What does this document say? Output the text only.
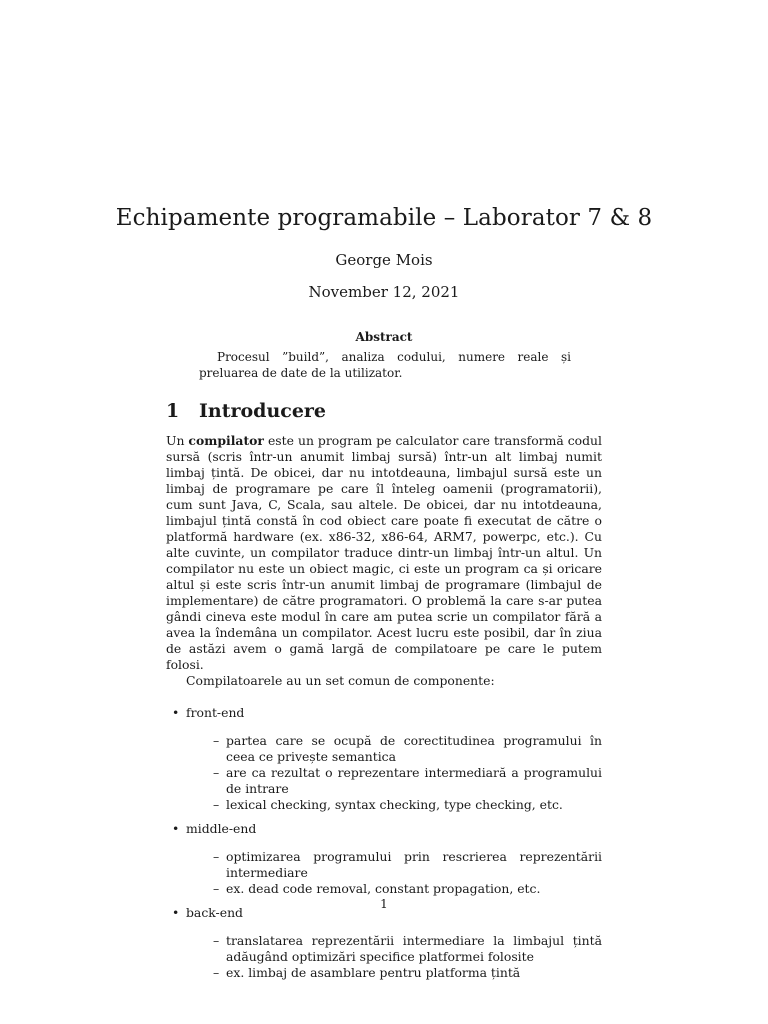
Echipamente programabile – Laborator 7 & 8
George Mois
November 12, 2021
Abstract
Procesul ”build”, analiza codului, numere reale și preluarea de date de la utilizator.
1 Introducere

Un compilator este un program pe calculator care transformă codul sursă (scris într-un anumit limbaj sursă) într-un alt limbaj numit limbaj țintă. De obicei, dar nu intotdeauna, limbajul sursă este un limbaj de programare pe care îl înteleg oamenii (programatorii), cum sunt Java, C, Scala, sau altele. De obicei, dar nu intotdeauna, limbajul țintă constă în cod obiect care poate fi executat de către o platformă hardware (ex. x86-32, x86-64, ARM7, powerpc, etc.). Cu alte cuvinte, un compilator traduce dintr-un limbaj într-un altul. Un compilator nu este un obiect magic, ci este un program ca și oricare altul și este scris într-un anumit limbaj de programare (limbajul de implementare) de către programatori. O problemă la care s-ar putea gândi cineva este modul în care am putea scrie un compilator fără a avea la îndemâna un compilator. Acest lucru este posibil, dar în ziua de astăzi avem o gamă largă de compilatoare pe care le putem folosi.

Compilatoarele au un set comun de componente:

• front-end
– partea care se ocupă de corectitudinea programului în ceea ce privește semantica
– are ca rezultat o reprezentare intermediară a programului de intrare
– lexical checking, syntax checking, type checking, etc.
• middle-end
– optimizarea programului prin rescrierea reprezentării intermediare
– ex. dead code removal, constant propagation, etc.
• back-end
– translatarea reprezentării intermediare la limbajul țintă adăugând optimizări specifice platformei folosite
– ex. limbaj de asamblare pentru platforma țintă
1
